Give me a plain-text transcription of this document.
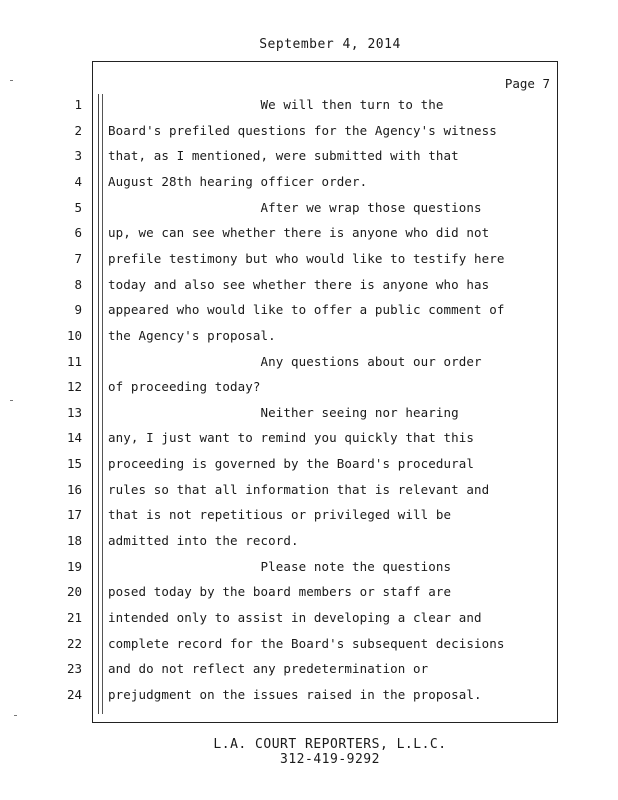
September 4, 2014
Page 7
1 We will then turn to the
2 Board's prefiled questions for the Agency's witness
3 that, as I mentioned, were submitted with that
4 August 28th hearing officer order.
5 After we wrap those questions
6 up, we can see whether there is anyone who did not
7 prefile testimony but who would like to testify here
8 today and also see whether there is anyone who has
9 appeared who would like to offer a public comment of
10 the Agency's proposal.
11 Any questions about our order
12 of proceeding today?
13 Neither seeing nor hearing
14 any, I just want to remind you quickly that this
15 proceeding is governed by the Board's procedural
16 rules so that all information that is relevant and
17 that is not repetitious or privileged will be
18 admitted into the record.
19 Please note the questions
20 posed today by the board members or staff are
21 intended only to assist in developing a clear and
22 complete record for the Board's subsequent decisions
23 and do not reflect any predetermination or
24 prejudgment on the issues raised in the proposal.
L.A. COURT REPORTERS, L.L.C.
312-419-9292
